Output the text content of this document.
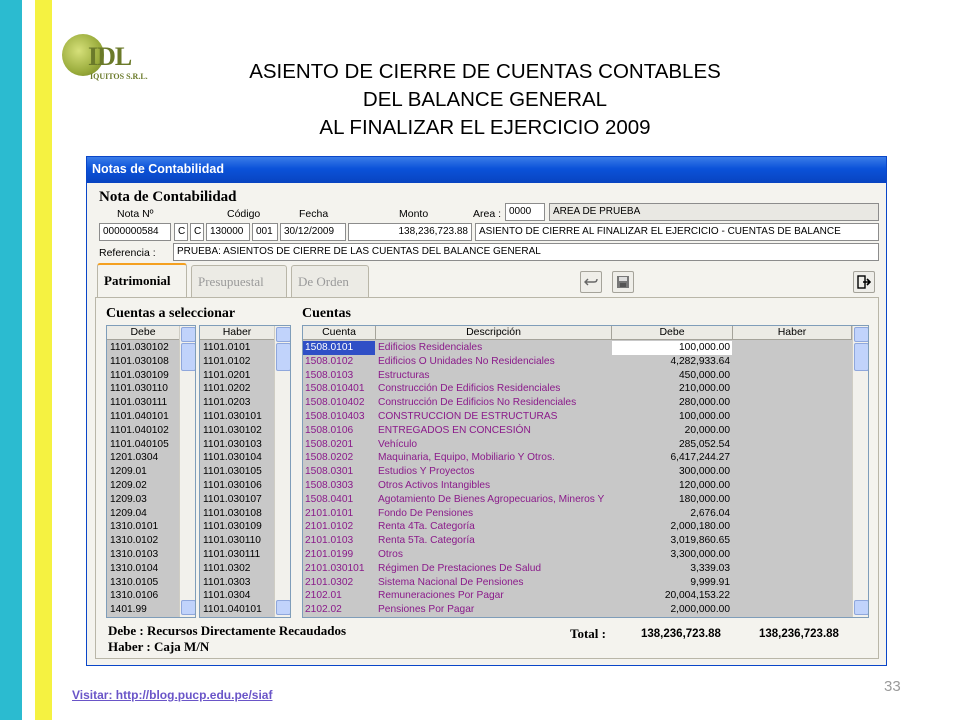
IDL
IQUITOS S.R.L.	ASIENTO DE CIERRE DE CUENTAS CONTABLES
DEL BALANCE GENERAL
AL FINALIZAR EL EJERCICIO 2009
Notas de Contabilidad
Nota de Contabilidad
Nota Nº	Código	Fecha	Monto	Area : 0000	AREA DE PRUEBA
0000000584	C C 130000	001	30/12/2009	138,236,723.88	ASIENTO DE CIERRE AL FINALIZAR EL EJERCICIO - CUENTAS DE BALANCE
Referencia :	PRUEBA: ASIENTOS DE CIERRE DE LAS CUENTAS DEL BALANCE GENERAL
Patrimonial	Presupuestal	De Orden
Cuentas a seleccionar	Cuentas
Debe
1101.030102
1101.030108
1101.030109
1101.030110
1101.030111
1101.040101
1101.040102
1101.040105
1201.0304
1209.01
1209.02
1209.03
1209.04
1310.0101
1310.0102
1310.0103
1310.0104
1310.0105
1310.0106
1401.99
Haber
1101.0101
1101.0102
1101.0201
1101.0202
1101.0203
1101.030101
1101.030102
1101.030103
1101.030104
1101.030105
1101.030106
1101.030107
1101.030108
1101.030109
1101.030110
1101.030111
1101.0302
1101.0303
1101.0304
1101.040101
Cuenta	Descripción	Debe	Haber
1508.0101	Edificios Residenciales	100,000.00
1508.0102	Edificios O Unidades No Residenciales	4,282,933.64
1508.0103	Estructuras	450,000.00
1508.010401	Construcción De Edificios Residenciales	210,000.00
1508.010402	Construcción De Edificios No Residenciales	280,000.00
1508.010403	CONSTRUCCION DE ESTRUCTURAS	100,000.00
1508.0106	ENTREGADOS EN CONCESIÓN	20,000.00
1508.0201	Vehículo	285,052.54
1508.0202	Maquinaria, Equipo, Mobiliario Y Otros.	6,417,244.27
1508.0301	Estudios Y Proyectos	300,000.00
1508.0303	Otros Activos Intangibles	120,000.00
1508.0401	Agotamiento De Bienes Agropecuarios, Mineros Y	180,000.00
2101.0101	Fondo De Pensiones	2,676.04
2101.0102	Renta 4Ta. Categoría	2,000,180.00
2101.0103	Renta 5Ta. Categoría	3,019,860.65
2101.0199	Otros	3,300,000.00
2101.030101	Régimen De Prestaciones De Salud	3,339.03
2101.0302	Sistema Nacional De Pensiones	9,999.91
2102.01	Remuneraciones Por Pagar	20,004,153.22
2102.02	Pensiones Por Pagar	2,000,000.00
Debe : Recursos Directamente Recaudados
Haber : Caja M/N
Total :	138,236,723.88	138,236,723.88
Visitar: http://blog.pucp.edu.pe/siaf	33
